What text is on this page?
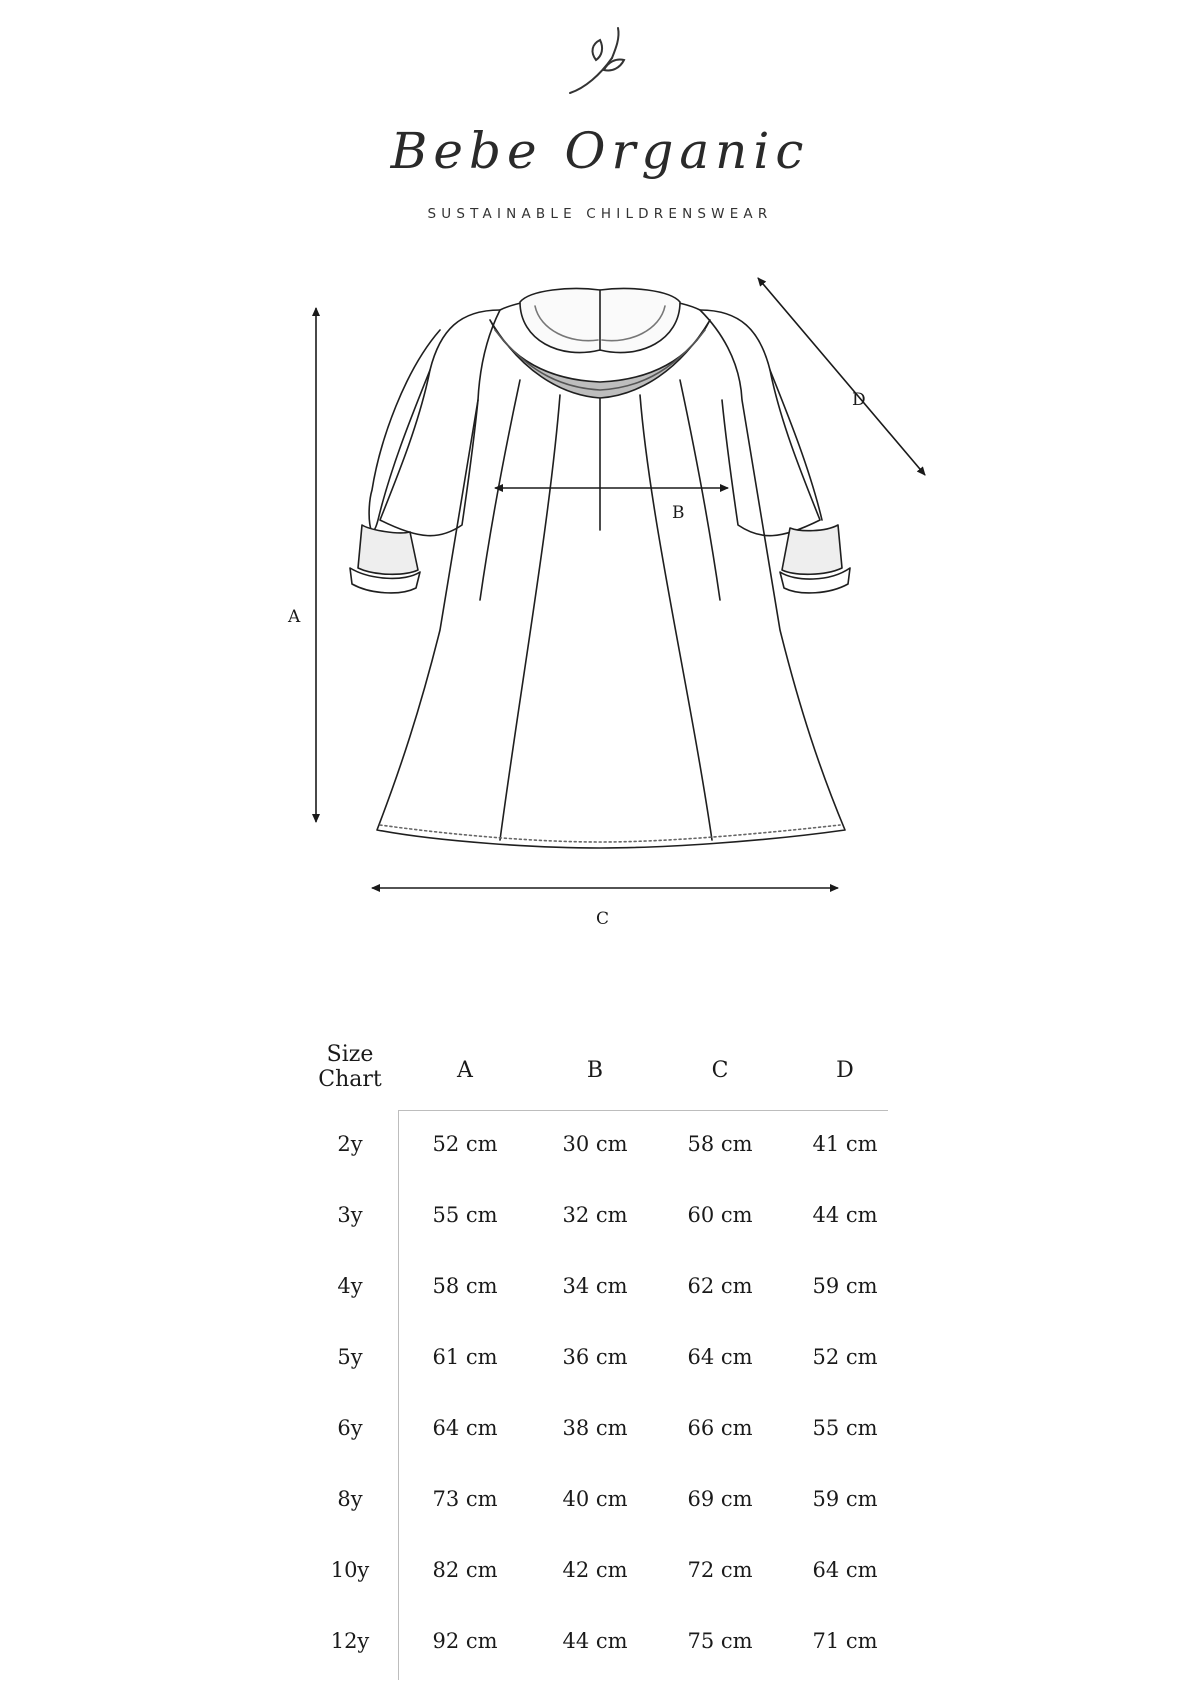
Bebe Organic
SUSTAINABLE CHILDRENSWEAR
A
B
C
D
Size
Chart	A	B	C	D
2y	52 cm	30 cm	58 cm	41 cm
3y	55 cm	32 cm	60 cm	44 cm
4y	58 cm	34 cm	62 cm	59 cm
5y	61 cm	36 cm	64 cm	52 cm
6y	64 cm	38 cm	66 cm	55 cm
8y	73 cm	40 cm	69 cm	59 cm
10y	82 cm	42 cm	72 cm	64 cm
12y	92 cm	44 cm	75 cm	71 cm
